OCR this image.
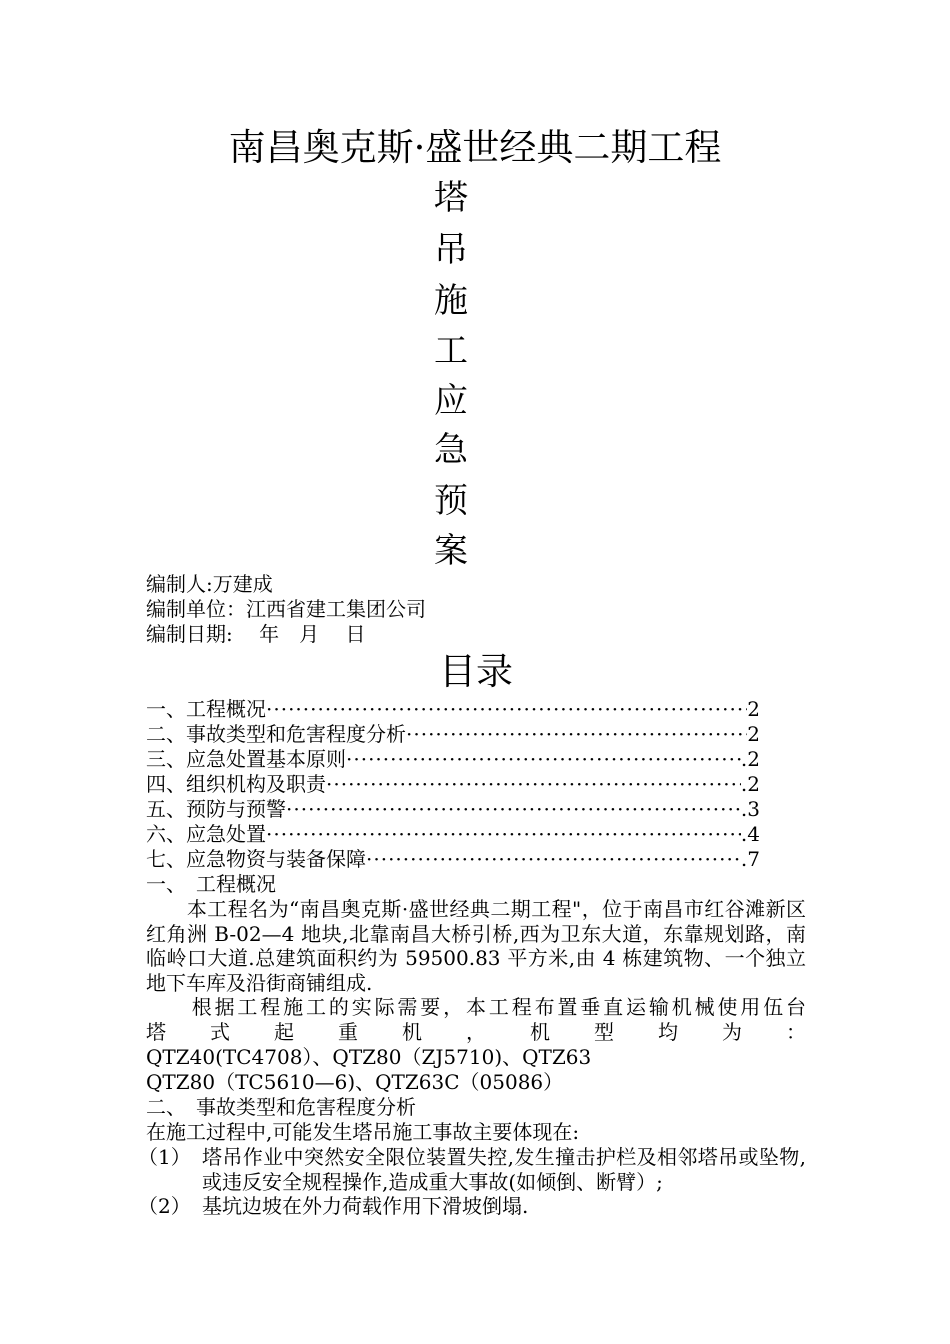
南昌奥克斯·盛世经典二期工程
塔
吊
施
工
应
急
预
案
编制人:万建成
编制单位：江西省建工集团公司
编制日期:　 年　月　 日
目录
一、工程概况 ·····	2
二、事故类型和危害程度分析 ·····	2
三、应急处置基本原则 ·····	.2
四、组织机构及职责 ·····	.2
五、预防与预警 ·····	.3
六、应急处置 ·····	.4
七、应急物资与装备保障 ·····	.7
一、　工程概况
　　本工程名为“南昌奥克斯·盛世经典二期工程"，位于南昌市红谷滩新区红角洲 B-02—4 地块,北靠南昌大桥引桥,西为卫东大道，东靠规划路，南临岭口大道.总建筑面积约为 59500.83 平方米,由 4 栋建筑物、一个独立地下车库及沿街商铺组成.
　　根据工程施工的实际需要，本工程布置垂直运输机械使用伍台
塔 式 起 重 机 ， 机 型 均 为 ：
QTZ40(TC4708）、QTZ80（ZJ5710)、QTZ63
QTZ80（TC5610—6)、QTZ63C（05086）
二、　事故类型和危害程度分析
在施工过程中,可能发生塔吊施工事故主要体现在:
（1） 塔吊作业中突然安全限位装置失控,发生撞击护栏及相邻塔吊或坠物,或违反安全规程操作,造成重大事故(如倾倒、断臂）;
（2） 基坑边坡在外力荷载作用下滑坡倒塌.
